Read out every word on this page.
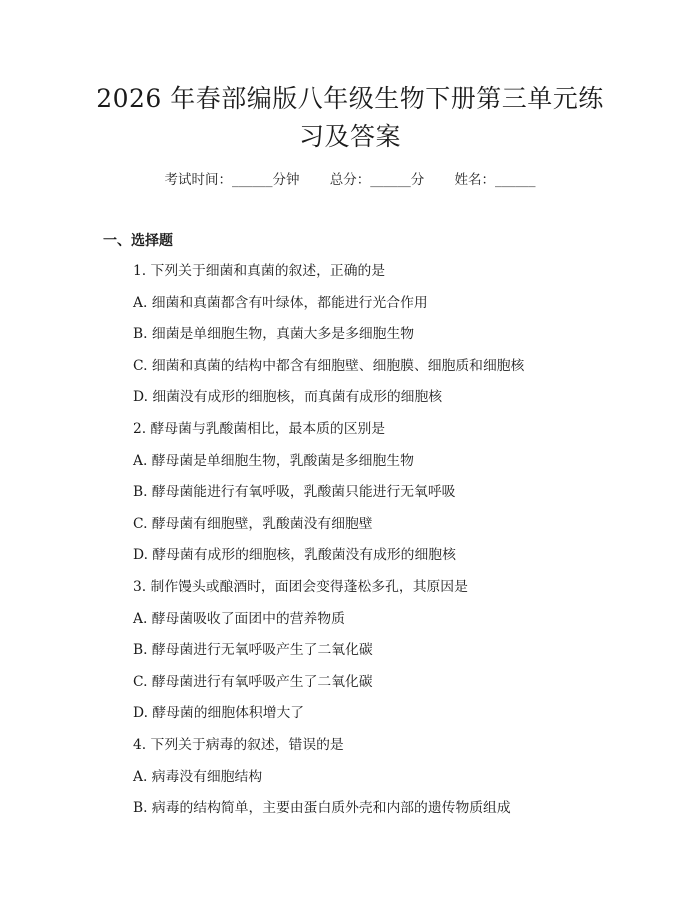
2026 年春部编版八年级生物下册第三单元练
习及答案
考试时间：______分钟 总分：______分 姓名：______
一、选择题
1. 下列关于细菌和真菌的叙述，正确的是
A. 细菌和真菌都含有叶绿体，都能进行光合作用
B. 细菌是单细胞生物，真菌大多是多细胞生物
C. 细菌和真菌的结构中都含有细胞壁、细胞膜、细胞质和细胞核
D. 细菌没有成形的细胞核，而真菌有成形的细胞核
2. 酵母菌与乳酸菌相比，最本质的区别是
A. 酵母菌是单细胞生物，乳酸菌是多细胞生物
B. 酵母菌能进行有氧呼吸，乳酸菌只能进行无氧呼吸
C. 酵母菌有细胞壁，乳酸菌没有细胞壁
D. 酵母菌有成形的细胞核，乳酸菌没有成形的细胞核
3. 制作馒头或酿酒时，面团会变得蓬松多孔，其原因是
A. 酵母菌吸收了面团中的营养物质
B. 酵母菌进行无氧呼吸产生了二氧化碳
C. 酵母菌进行有氧呼吸产生了二氧化碳
D. 酵母菌的细胞体积增大了
4. 下列关于病毒的叙述，错误的是
A. 病毒没有细胞结构
B. 病毒的结构简单，主要由蛋白质外壳和内部的遗传物质组成
